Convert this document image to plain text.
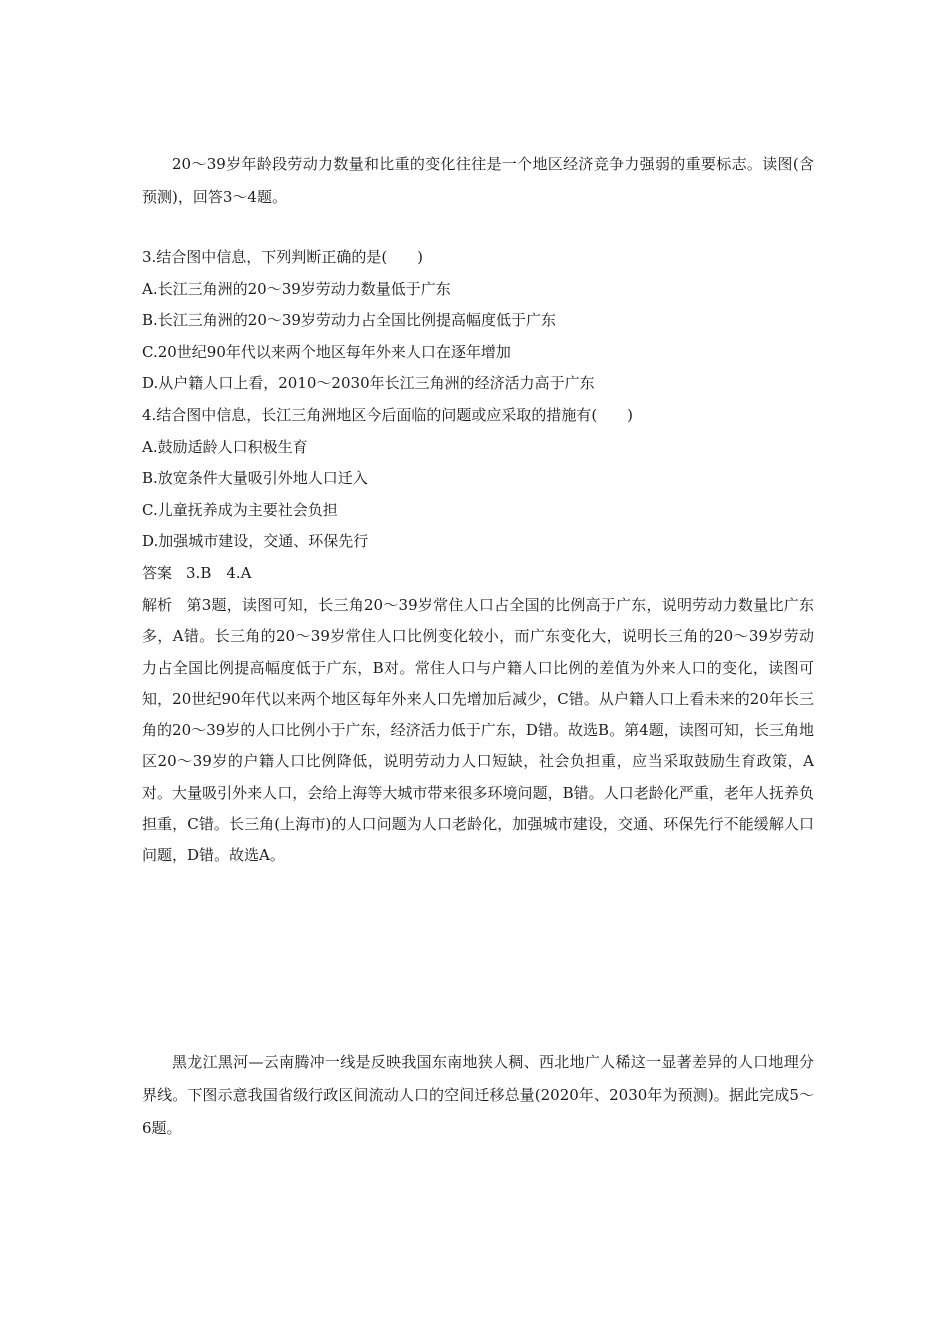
20～39岁年龄段劳动力数量和比重的变化往往是一个地区经济竞争力强弱的重要标志。读图(含预测)，回答3～4题。

3.结合图中信息，下列判断正确的是(　　)

A.长江三角洲的20～39岁劳动力数量低于广东

B.长江三角洲的20～39岁劳动力占全国比例提高幅度低于广东

C.20世纪90年代以来两个地区每年外来人口在逐年增加

D.从户籍人口上看，2010～2030年长江三角洲的经济活力高于广东

4.结合图中信息，长江三角洲地区今后面临的问题或应采取的措施有(　　)

A.鼓励适龄人口积极生育

B.放宽条件大量吸引外地人口迁入

C.儿童抚养成为主要社会负担

D.加强城市建设，交通、环保先行

答案 3.B　4.A

解析 第3题，读图可知，长三角20～39岁常住人口占全国的比例高于广东，说明劳动力数量比广东多，A错。长三角的20～39岁常住人口比例变化较小，而广东变化大，说明长三角的20～39岁劳动力占全国比例提高幅度低于广东，B对。常住人口与户籍人口比例的差值为外来人口的变化，读图可知，20世纪90年代以来两个地区每年外来人口先增加后减少，C错。从户籍人口上看未来的20年长三角的20～39岁的人口比例小于广东，经济活力低于广东，D错。故选B。第4题，读图可知，长三角地区20～39岁的户籍人口比例降低，说明劳动力人口短缺，社会负担重，应当采取鼓励生育政策，A对。大量吸引外来人口，会给上海等大城市带来很多环境问题，B错。人口老龄化严重，老年人抚养负担重，C错。长三角(上海市)的人口问题为人口老龄化，加强城市建设，交通、环保先行不能缓解人口问题，D错。故选A。

黑龙江黑河—云南腾冲一线是反映我国东南地狭人稠、西北地广人稀这一显著差异的人口地理分界线。下图示意我国省级行政区间流动人口的空间迁移总量(2020年、2030年为预测)。据此完成5～6题。
